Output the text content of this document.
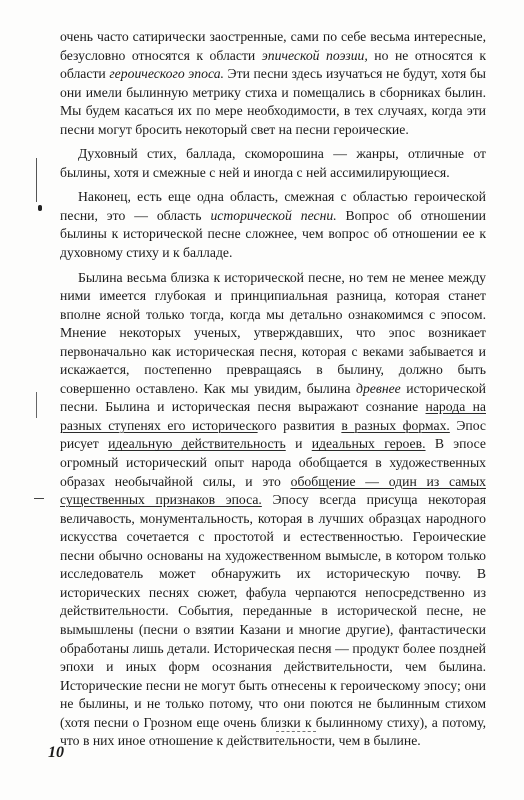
очень часто сатирически заостренные, сами по себе весьма интересные, безусловно относятся к области эпической поэзии, но не относятся к области героического эпоса. Эти песни здесь изучаться не будут, хотя бы они имели былинную метрику стиха и помещались в сборниках былин. Мы будем касаться их по мере необходимости, в тех случаях, когда эти песни могут бросить некоторый свет на песни героические.

Духовный стих, баллада, скоморошина — жанры, отличные от былины, хотя и смежные с ней и иногда с ней ассимилирующиеся.

Наконец, есть еще одна область, смежная с областью героической песни, это — область исторической песни. Вопрос об отношении былины к исторической песне сложнее, чем вопрос об отношении ее к духовному стиху и к балладе.

Былина весьма близка к исторической песне, но тем не менее между ними имеется глубокая и принципиальная разница, которая станет вполне ясной только тогда, когда мы детально ознакомимся с эпосом. Мнение некоторых ученых, утверждавших, что эпос возникает первоначально как историческая песня, которая с веками забывается и искажается, постепенно превращаясь в былину, должно быть совершенно оставлено. Как мы увидим, былина древнее исторической песни. Былина и историческая песня выражают сознание народа на разных ступенях его исторического развития в разных формах. Эпос рисует идеальную действительность и идеальных героев. В эпосе огромный исторический опыт народа обобщается в художественных образах необычайной силы, и это обобщение — один из самых существенных признаков эпоса. Эпосу всегда присуща некоторая величавость, монументальность, которая в лучших образцах народного искусства сочетается с простотой и естественностью. Героические песни обычно основаны на художественном вымысле, в котором только исследователь может обнаружить их историческую почву. В исторических песнях сюжет, фабула черпаются непосредственно из действительности. События, переданные в исторической песне, не вымышлены (песни о взятии Казани и многие другие), фантастически обработаны лишь детали. Историческая песня — продукт более поздней эпохи и иных форм осознания действительности, чем былина. Исторические песни не могут быть отнесены к героическому эпосу; они не былины, и не только потому, что они поются не былинным стихом (хотя песни о Грозном еще очень близки к былинному стиху), а потому, что в них иное отношение к действительности, чем в былине.

10
